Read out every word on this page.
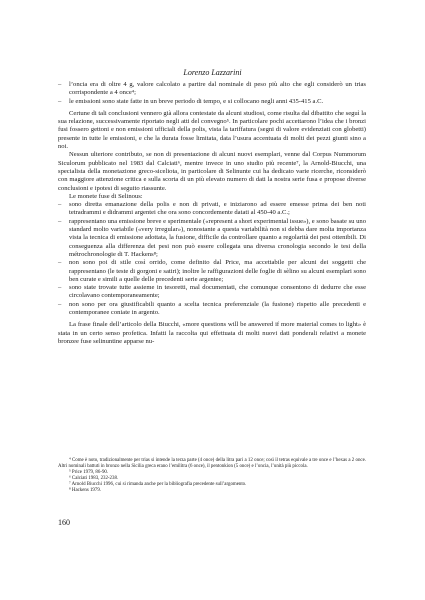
Lorenzo Lazzarini
– l’oncia era di oltre 4 g, valore calcolato a partire dal nominale di peso più alto che egli considerò un trias corrispondente a 4 once⁴;
– le emissioni sono state fatte in un breve periodo di tempo, e si collocano negli anni 435-415 a.C.

Certune di tali conclusioni vennero già allora contestate da alcuni studiosi, come risulta dal dibattito che seguì la sua relazione, successivamente riportato negli atti del convegno⁵. In particolare pochi accettarono l’idea che i bronzi fusi fossero gettoni e non emissioni ufficiali della polis, vista la tariffatura (segni di valore evidenziati con globetti) presente in tutte le emissioni, e che la durata fosse limitata, data l’usura accentuata di molti dei pezzi giunti sino a noi.

Nessun ulteriore contributo, se non di presentazione di alcuni nuovi esemplari, venne dal Corpus Nummorum Siculorum pubblicato nel 1983 dal Calciati⁶, mentre invece in uno studio più recente⁷, la Arnold-Biucchi, una specialista della monetazione greco-siceliota, in particolare di Selinunte cui ha dedicato varie ricerche, riconsiderò con maggiore attenzione critica e sulla scorta di un più elevato numero di dati la nostra serie fusa e propose diverse conclusioni e ipotesi di seguito riassunte.

Le monete fuse di Selinous:

– sono diretta emanazione della polis e non di privati, e iniziarono ad essere emesse prima dei ben noti tetradrammi e didrammi argentei che ora sono concordemente datati al 450-40 a.C.;
– rappresentano una emissione breve e sperimentale («represent a short experimental issue»), e sono basate su uno standard molto variabile («very irregular»), nonostante a questa variabilità non si debba dare molta importanza vista la tecnica di emissione adottata, la fusione, difficile da controllare quanto a regolarità dei pesi ottenibili. Di conseguenza alla differenza dei pesi non può essere collegata una diversa cronologia secondo le tesi della métrochronologie di T. Hackens⁸;
– non sono poi di stile così orrido, come definito dal Price, ma accettabile per alcuni dei soggetti che rappresentano (le teste di gorgoni e satiri); inoltre le raffigurazioni delle foglie di sèlino su alcuni esemplari sono ben curate e simili a quelle delle precedenti serie argentee;
– sono state trovate tutte assieme in tesoretti, mal documentati, che comunque consentono di dedurre che esse circolavano contemporaneamente;
– non sono per ora giustificabili quanto a scelta tecnica preferenziale (la fusione) rispetto alle precedenti e contemporanee coniate in argento.

La frase finale dell’articolo della Biucchi, «more questions will be answered if more material comes to light» è stata in un certo senso profetica. Infatti la raccolta qui effettuata di molti nuovi dati ponderali relativi a monete bronzee fuse selinuntine apparse nu-

⁴ Come è noto, tradizionalmente per trias si intende la terza parte (4 once) della litra pari a 12 once; così il tetras equivale a tre once e l’hexas a 2 once. Altri nominali battuti in bronzo nella Sicilia greca erano l’emilitra (6 once), il pentonkion (5 once) e l’oncia, l’unità più piccola.

⁵ Price 1979, 86-90.

⁶ Calciati 1983, 232-238.

⁷ Arnold Biucchi 1996, cui si rimanda anche per la bibliografia precedente sull’argomento.

⁸ Hackens 1979.

160
